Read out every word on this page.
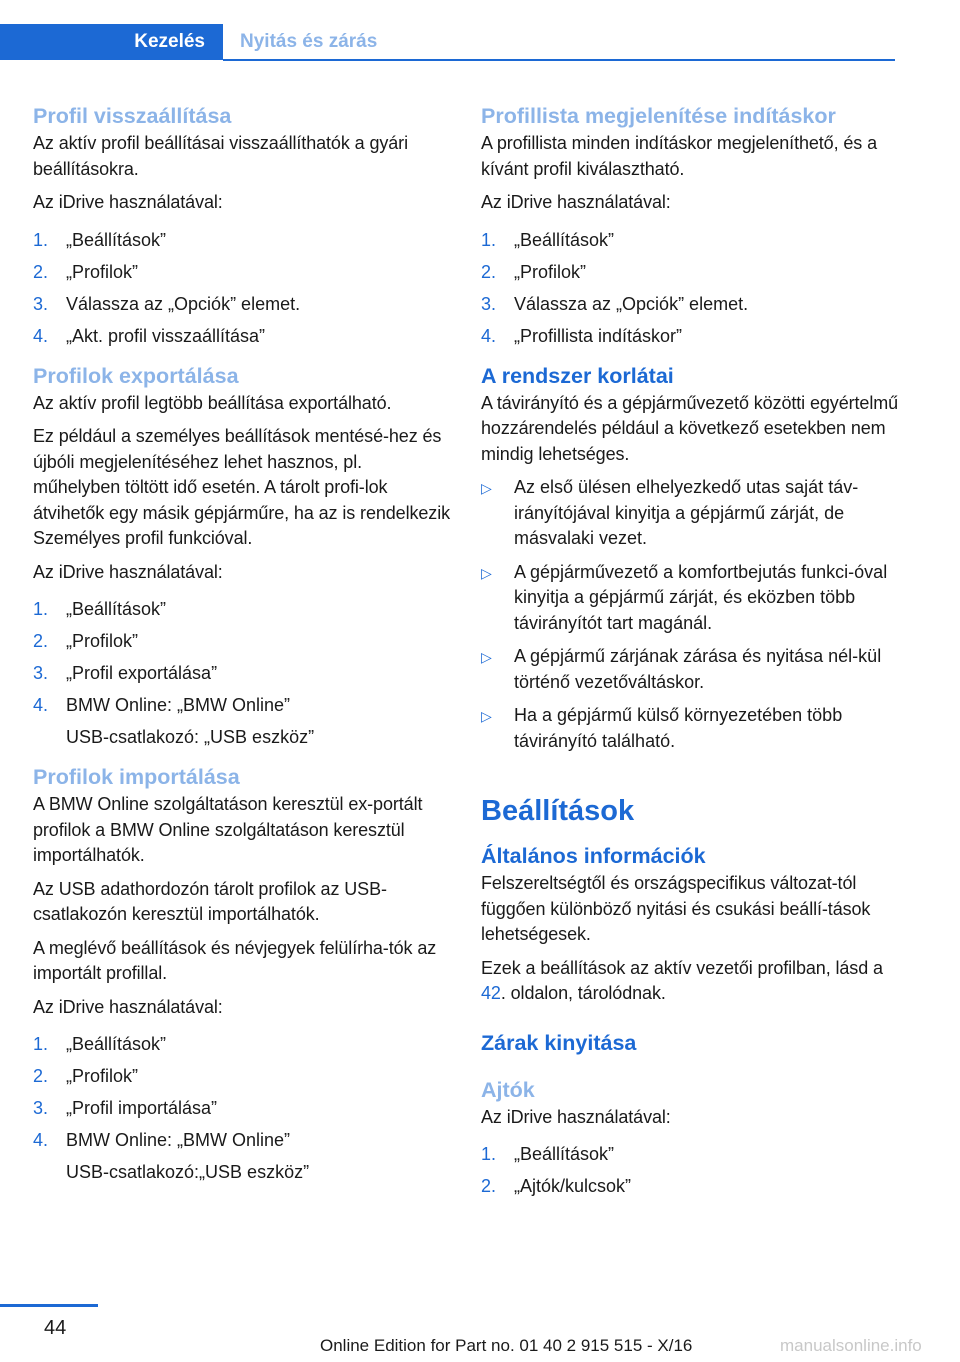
Kezelés Nyitás és zárás
Profil visszaállítása

Az aktív profil beállításai visszaállíthatók a gyári beállításokra.

Az iDrive használatával:

1. „Beállítások”
2. „Profilok”
3. Válassza az „Opciók” elemet.
4. „Akt. profil visszaállítása”
Profilok exportálása

Az aktív profil legtöbb beállítása exportálható.

Ez például a személyes beállítások mentésé‐hez és újbóli megjelenítéséhez lehet hasznos, pl. műhelyben töltött idő esetén. A tárolt profi‐lok átvihetők egy másik gépjárműre, ha az is rendelkezik Személyes profil funkcióval.

Az iDrive használatával:

1. „Beállítások”
2. „Profilok”
3. „Profil exportálása”
4. BMW Online: „BMW Online”
USB-csatlakozó: „USB eszköz”
Profilok importálása

A BMW Online szolgáltatáson keresztül ex‐portált profilok a BMW Online szolgáltatáson keresztül importálhatók.

Az USB adathordozón tárolt profilok az USB-csatlakozón keresztül importálhatók.

A meglévő beállítások és névjegyek felülírha‐tók az importált profillal.

Az iDrive használatával:

1. „Beállítások”
2. „Profilok”
3. „Profil importálása”
4. BMW Online: „BMW Online”
USB-csatlakozó:„USB eszköz”
Profillista megjelenítése indításkor

A profillista minden indításkor megjeleníthető, és a kívánt profil kiválasztható.

Az iDrive használatával:

1. „Beállítások”
2. „Profilok”
3. Válassza az „Opciók” elemet.
4. „Profillista indításkor”
A rendszer korlátai

A távirányító és a gépjárművezető közötti egyértelmű hozzárendelés például a következő esetekben nem mindig lehetséges.

▷ Az első ülésen elhelyezkedő utas saját táv‐irányítójával kinyitja a gépjármű zárját, de másvalaki vezet.
▷ A gépjárművezető a komfortbejutás funkci‐óval kinyitja a gépjármű zárját, és eközben több távirányítót tart magánál.
▷ A gépjármű zárjának zárása és nyitása nél‐kül történő vezetőváltáskor.
▷ Ha a gépjármű külső környezetében több távirányító található.
Beállítások
Általános információk

Felszereltségtől és országspecifikus változat‐tól függően különböző nyitási és csukási beállí‐tások lehetségesek.

Ezek a beállítások az aktív vezetői profilban, lásd a 42. oldalon, tárolódnak.

Zárak kinyitása
Ajtók

Az iDrive használatával:

1. „Beállítások”
2. „Ajtók/kulcsok”
44
Online Edition for Part no. 01 40 2 915 515 - X/16	manualsonline.info
